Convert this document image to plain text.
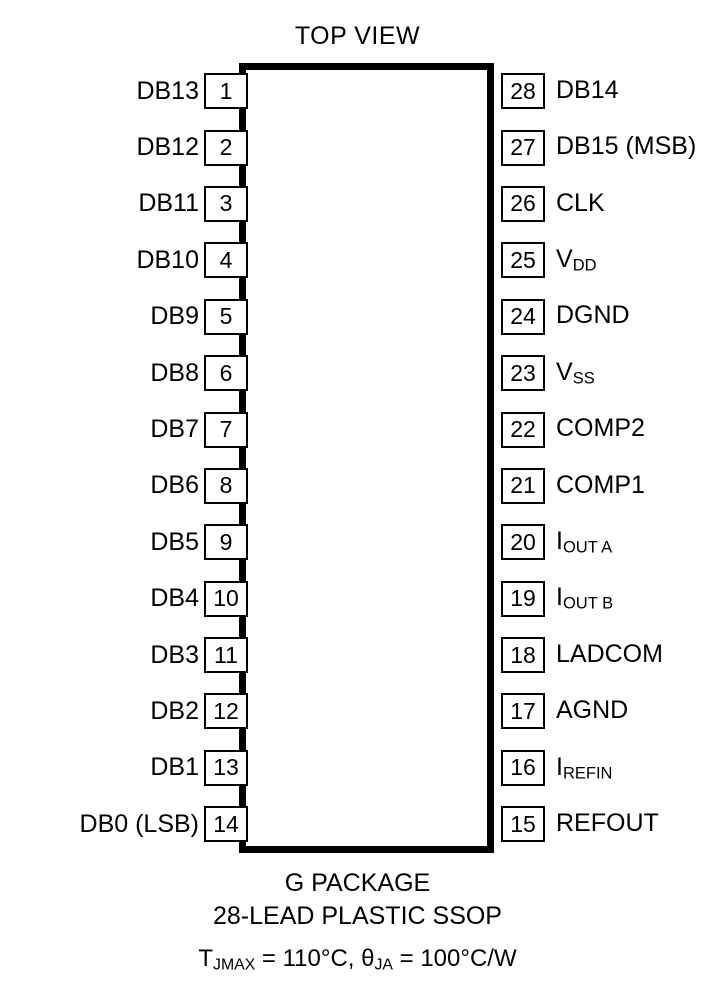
TOP VIEW
DB13 1	28 DB14
DB12 2	27 DB15 (MSB)
DB11 3	26 CLK
DB10 4	25 $V_{DD}$
DB9 5	24 DGND
DB8 6	23 $V_{SS}$
DB7 7	22 COMP2
DB6 8	21 COMP1
DB5 9	20 $I_{OUT A}$
DB4 10	19 $I_{OUT B}$
DB3 11	18 LADCOM
DB2 12	17 AGND
DB1 13	16 $I_{REFIN}$
DB0 (LSB) 14	15 REFOUT
G PACKAGE
28-LEAD PLASTIC SSOP
$T_{JMAX} = 110^\circ C$, $\theta_{JA} = 100^\circ C/W$
